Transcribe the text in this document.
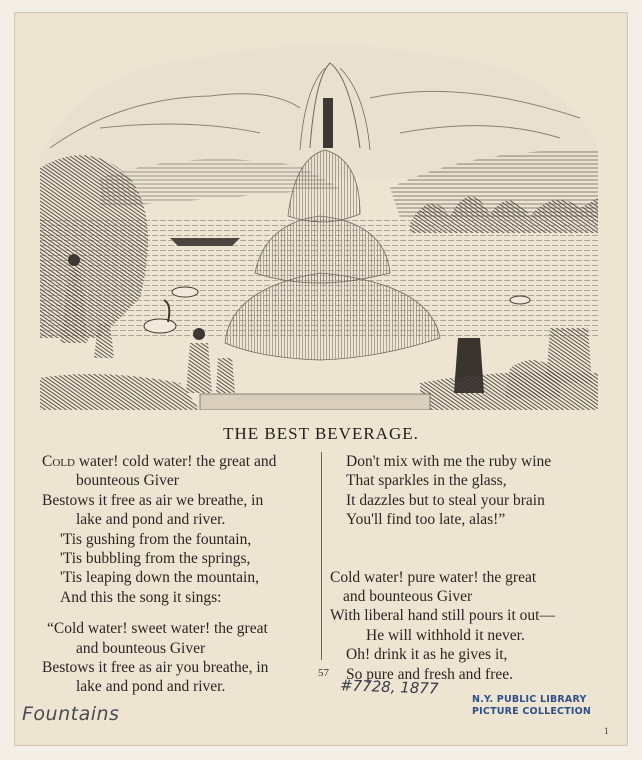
THE BEST BEVERAGE.
Cold water! cold water! the great and
bounteous Giver
Bestows it free as air we breathe, in
lake and pond and river.
'Tis gushing from the fountain,
'Tis bubbling from the springs,
'Tis leaping down the mountain,
And this the song it sings:
“Cold water! sweet water! the great
and bounteous Giver
Bestows it free as air you breathe, in
lake and pond and river.
Don't mix with me the ruby wine
That sparkles in the glass,
It dazzles but to steal your brain
You'll find too late, alas!”
Cold water! pure water! the great
and bounteous Giver
With liberal hand still pours it out—
He will withhold it never.
Oh! drink it as he gives it,
So pure and fresh and free.
57
#7728, 1877
Fountains
N.Y. PUBLIC LIBRARY
PICTURE COLLECTION
1
